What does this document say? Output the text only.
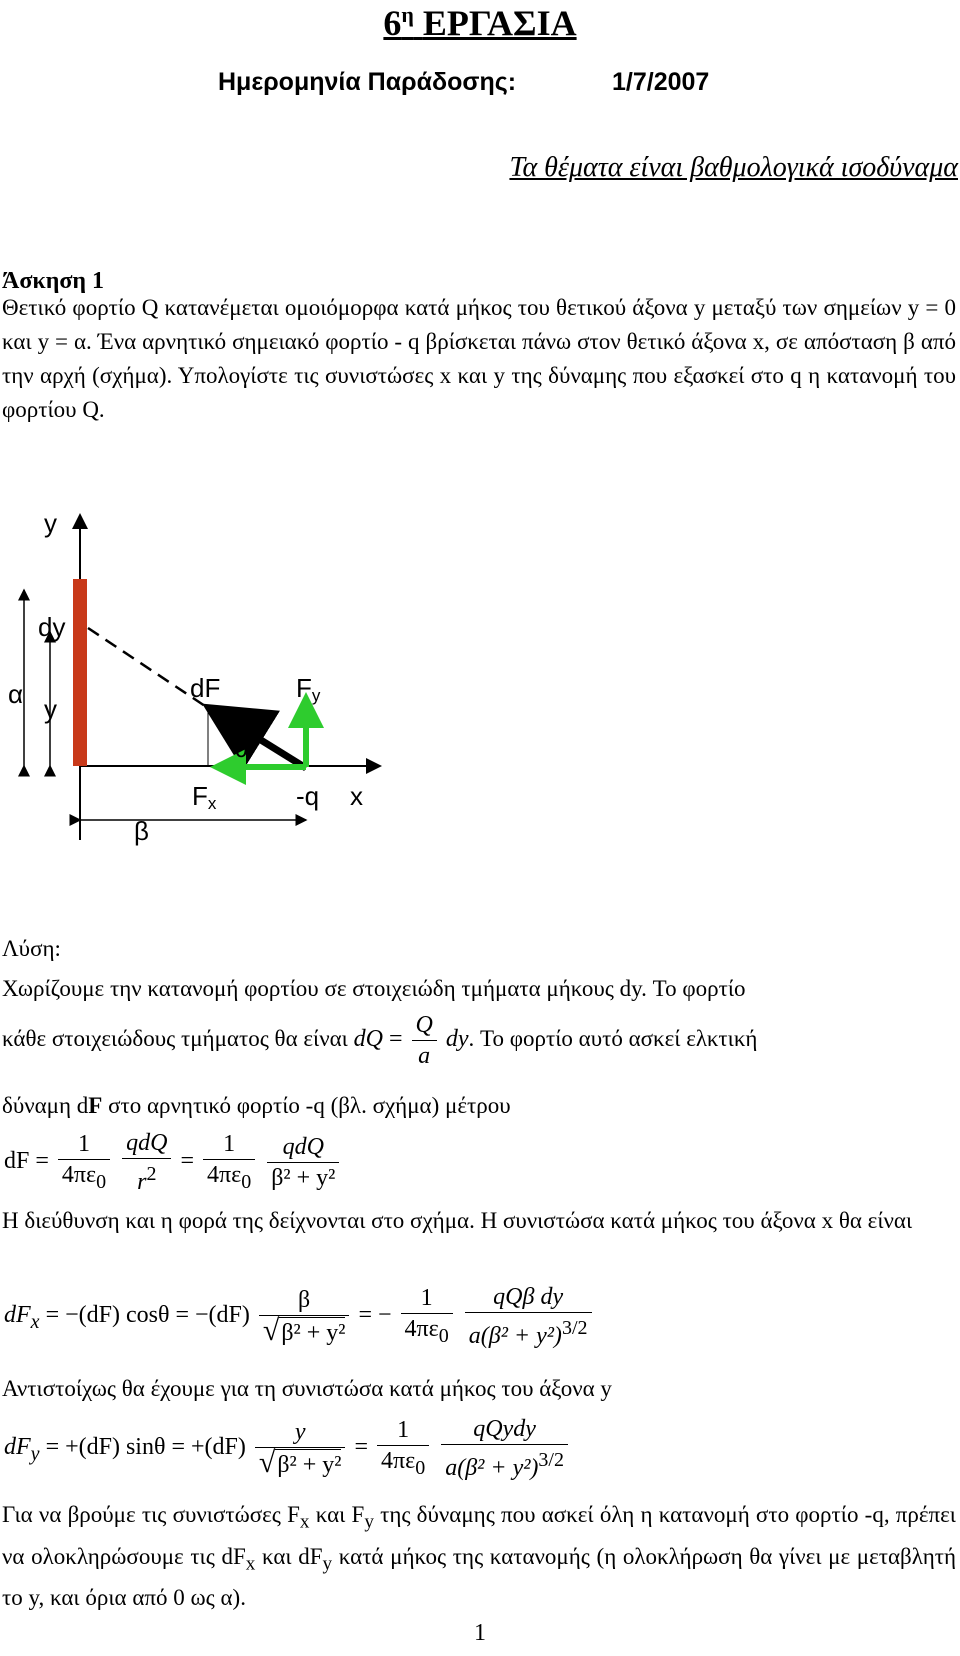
$6^\eta$ ΕΡΓΑΣΙΑ
Ημερομηνία Παράδοσης:	1/7/2007
Τα θέματα είναι βαθμολογικά ισοδύναμα
Άσκηση 1
Θετικό φορτίο Q κατανέμεται ομοιόμορφα κατά μήκος του θετικού άξονα y μεταξύ των σημείων y = 0 και y = α. Ένα αρνητικό σημειακό φορτίο - q βρίσκεται πάνω στον θετικό άξονα x, σε απόσταση β από την αρχή (σχήμα). Υπολογίστε τις συνιστώσες x και y της δύναμης που εξασκεί στο q η κατανομή του φορτίου Q.
y
dy
α y
dF	Fy
θ
Fx	-q x
β
Λύση:
Χωρίζουμε την κατανομή φορτίου σε στοιχειώδη τμήματα μήκους dy. Το φορτίο
κάθε στοιχειώδους τμήματος θα είναι dQ = $\frac{Q}{a}$ dy. Το φορτίο αυτό ασκεί ελκτική
δύναμη dF στο αρνητικό φορτίο -q (βλ. σχήμα) μέτρου
dF = $\frac{1}{4\pi\varepsilon_0}$
$\frac{\text{qdQ}}{r^2} = \frac{1}{4\pi\varepsilon_0}$
$\frac{\text{qdQ}}{\text{β² + y²}}$
Η διεύθυνση και η φορά της δείχνονται στο σχήμα. Η συνιστώσα κατά μήκος του άξονα x θα είναι
$dF_x = -(dF) \cos\theta = -(dF) \frac{\beta}{\text{√β² + y²}}$ = − $\frac{1}{4\pi\varepsilon_0}$
$\frac{\text{qQβ dy}}{a(\beta^2 + y^2)^{3/2}}$
Αντιστοίχως θα έχουμε για τη συνιστώσα κατά μήκος του άξονα y
$dF_y = +(dF) \sin\theta = +(dF) \frac{y}{\text{√β² + y²}} = \frac{1}{4\pi\varepsilon_0}$
$\frac{\text{qQydy}}{a(\beta^2 + y^2)^{3/2}}$
Για να βρούμε τις συνιστώσες $F_x$ και $F_y$ της δύναμης που ασκεί όλη η κατανομή στο φορτίο -q, πρέπει να ολοκληρώσουμε τις $dF_x$ και $dF_y$ κατά μήκος της κατανομής (η ολοκλήρωση θα γίνει με μεταβλητή το y, και όρια από 0 ως α).
1
